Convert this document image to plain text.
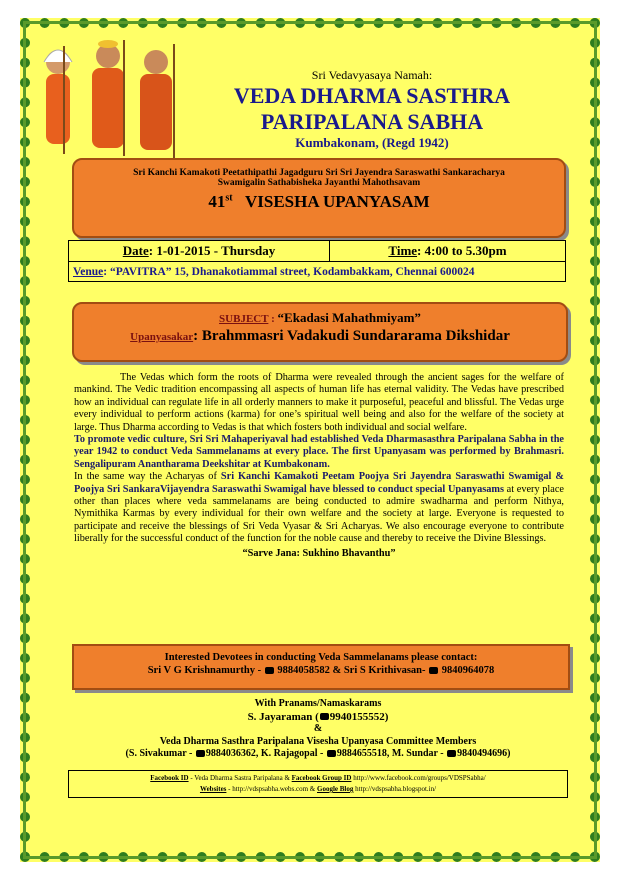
Sri Vedavyasaya Namah:
VEDA DHARMA SASTHRA
PARIPALANA SABHA
Kumbakonam, (Regd 1942)
Sri Kanchi Kamakoti Peetathipathi Jagadguru Sri Sri Jayendra Saraswathi Sankaracharya
Swamigalin Sathabisheka Jayanthi Mahothsavam
41st VISESHA UPANYASAM
Date: 1-01-2015 - Thursday	Time: 4:00 to 5.30pm
Venue: “PAVITRA” 15, Dhanakotiammal street, Kodambakkam, Chennai 600024
SUBJECT : “Ekadasi Mahathmiyam”
Upanyasakar: Brahmmasri Vadakudi Sundararama Dikshidar

The Vedas which form the roots of Dharma were revealed through the ancient sages for the welfare of mankind. The Vedic tradition encompassing all aspects of human life has eternal validity. The Vedas have prescribed how an individual can regulate life in all orderly manners to make it purposeful, peaceful and blissful. The Vedas urge every individual to perform actions (karma) for one’s spiritual well being and also for the welfare of the society at large. Thus Dharma according to Vedas is that which fosters both individual and social welfare.

To promote vedic culture, Sri Sri Mahaperiyaval had established Veda Dharmasasthra Paripalana Sabha in the year 1942 to conduct Veda Sammelanams at every place. The first Upanyasam was performed by Brahmasri. Sengalipuram Anantharama Deekshitar at Kumbakonam.

In the same way the Acharyas of Sri Kanchi Kamakoti Peetam Poojya Sri Jayendra Saraswathi Swamigal & Poojya Sri SankaraVijayendra Saraswathi Swamigal have blessed to conduct special Upanyasams at every place other than places where veda sammelanams are being conducted to admire swadharma and perform Nithya, Nymithika Karmas by every individual for their own welfare and the society at large. Everyone is requested to participate and receive the blessings of Sri Veda Vyasar & Sri Acharyas. We also encourage everyone to contribute liberally for the successful conduct of the function for the noble cause and thereby to receive the Divine Blessings.

“Sarve Jana: Sukhino Bhavanthu”

Interested Devotees in conducting Veda Sammelanams please contact:
Sri V G Krishnamurthy -  9884058582 & Sri S Krithivasan-  9840964078
With Pranams/Namaskarams
S. Jayaraman ( 9940155552)
&
Veda Dharma Sasthra Paripalana Visesha Upanyasa Committee Members
(S. Sivakumar - 9884036362, K. Rajagopal - 9884655518, M. Sundar - 9840494696)
Facebook ID - Veda Dharma Sastra Paripalana & Facebook Group ID http://www.facebook.com/groups/VDSPSabha/
Websites - http://vdspsabha.webs.com & Google Blog http://vdspsabha.blogspot.in/
